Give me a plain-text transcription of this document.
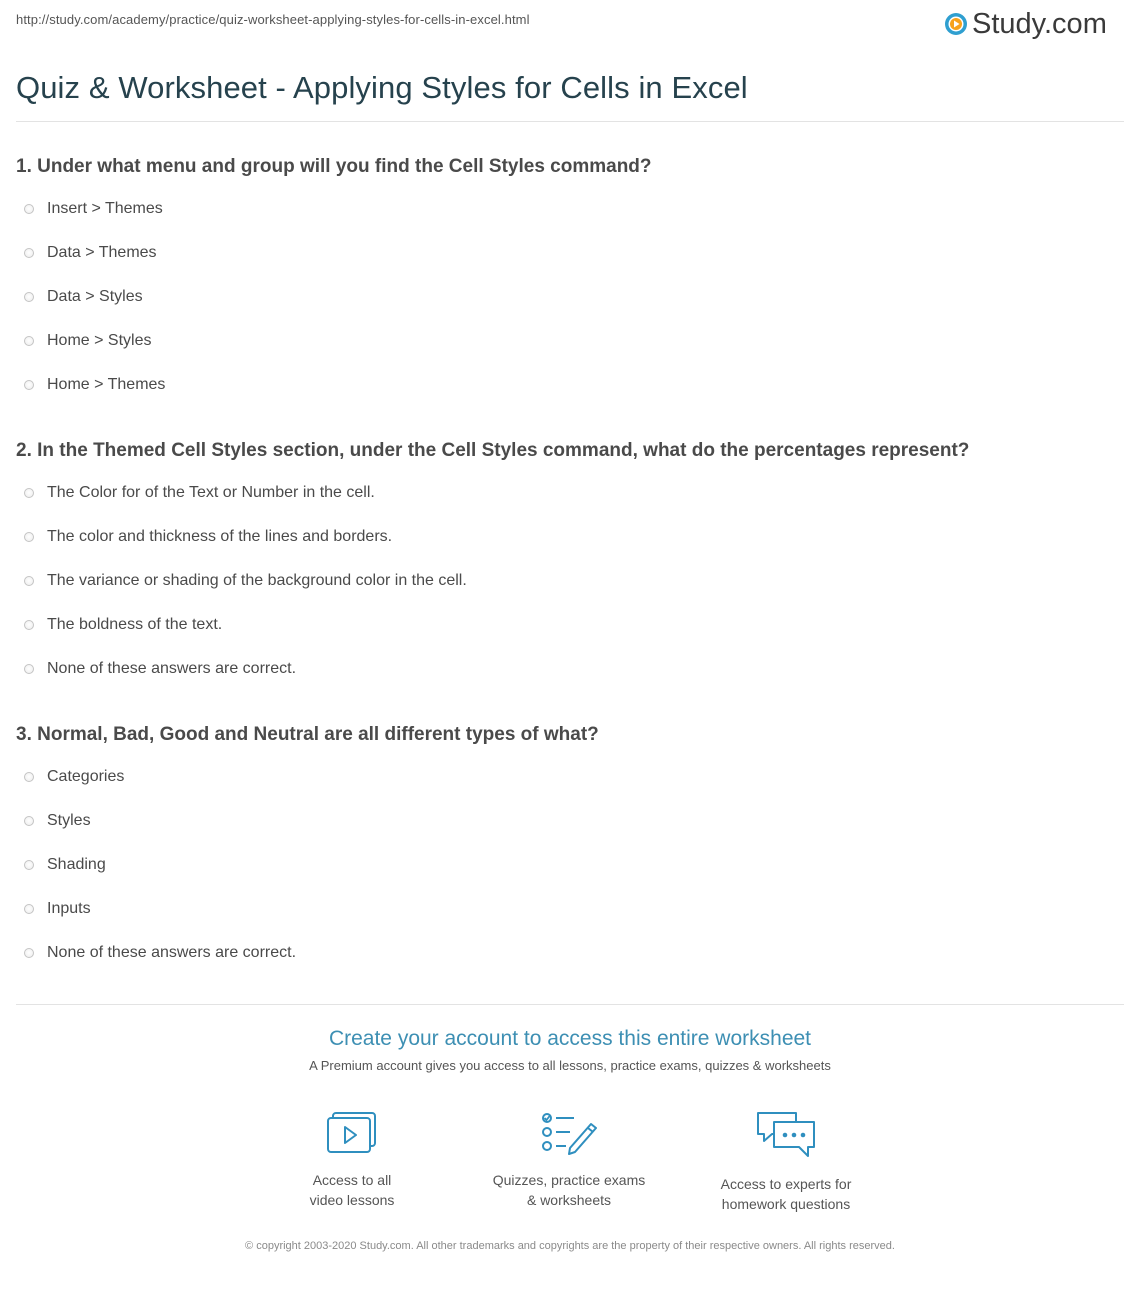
http://study.com/academy/practice/quiz-worksheet-applying-styles-for-cells-in-excel.html	Study.com
Quiz & Worksheet - Applying Styles for Cells in Excel
1. Under what menu and group will you find the Cell Styles command?
Insert > Themes
Data > Themes
Data > Styles
Home > Styles
Home > Themes
2. In the Themed Cell Styles section, under the Cell Styles command, what do the percentages represent?
The Color for of the Text or Number in the cell.
The color and thickness of the lines and borders.
The variance or shading of the background color in the cell.
The boldness of the text.
None of these answers are correct.
3. Normal, Bad, Good and Neutral are all different types of what?
Categories
Styles
Shading
Inputs
None of these answers are correct.
Create your account to access this entire worksheet
A Premium account gives you access to all lessons, practice exams, quizzes & worksheets
Access to all
video lessons
Quizzes, practice exams
& worksheets
Access to experts for
homework questions
© copyright 2003-2020 Study.com. All other trademarks and copyrights are the property of their respective owners. All rights reserved.
